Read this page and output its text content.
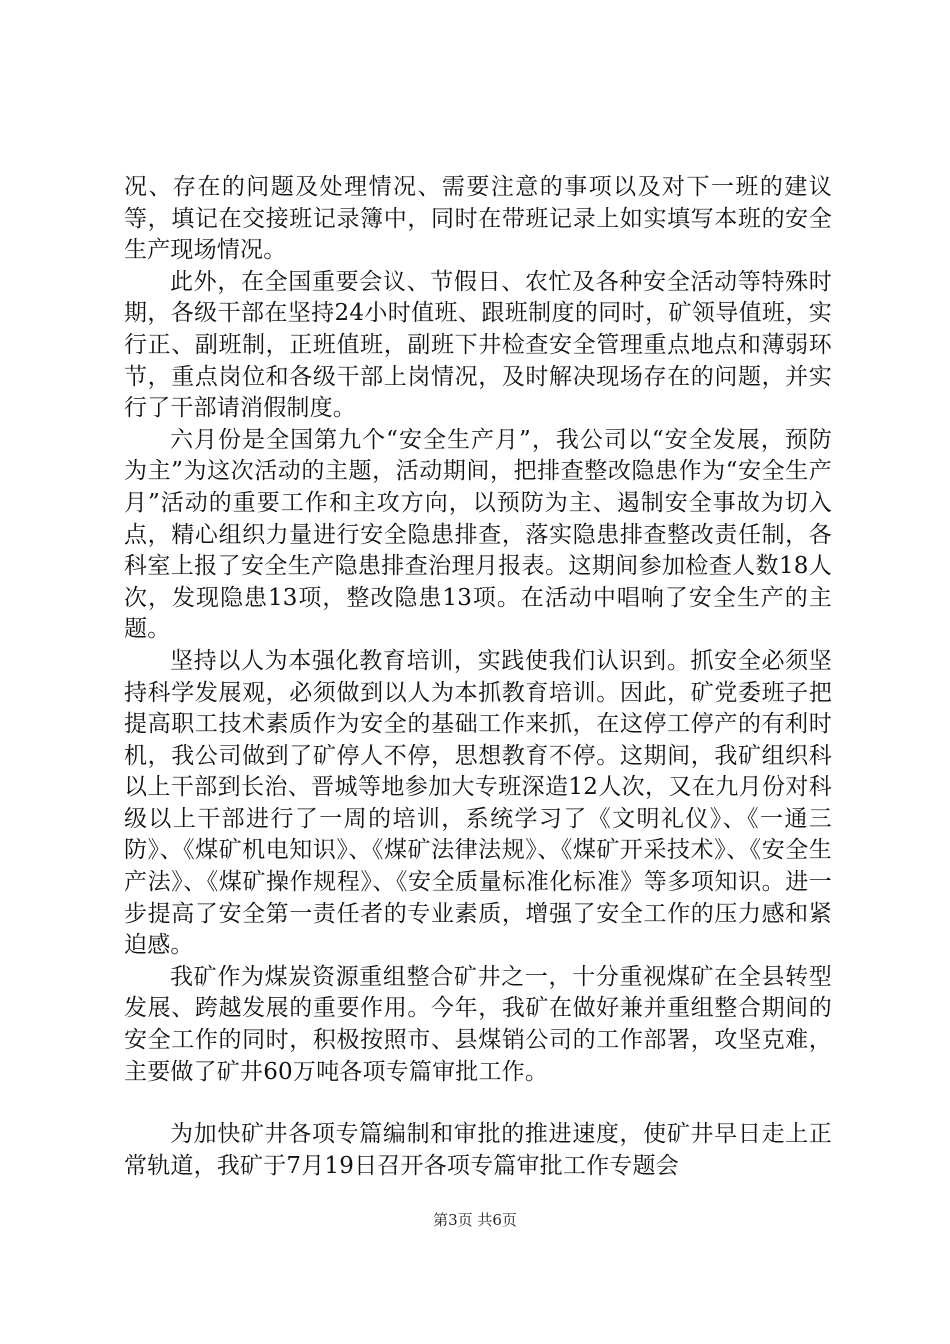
况、存在的问题及处理情况、需要注意的事项以及对下一班的建议等，填记在交接班记录簿中，同时在带班记录上如实填写本班的安全生产现场情况。

此外，在全国重要会议、节假日、农忙及各种安全活动等特殊时期，各级干部在坚持24小时值班、跟班制度的同时，矿领导值班，实行正、副班制，正班值班，副班下井检查安全管理重点地点和薄弱环节，重点岗位和各级干部上岗情况，及时解决现场存在的问题，并实行了干部请消假制度。

六月份是全国第九个“安全生产月”，我公司以“安全发展，预防为主”为这次活动的主题，活动期间，把排查整改隐患作为“安全生产月”活动的重要工作和主攻方向，以预防为主、遏制安全事故为切入点，精心组织力量进行安全隐患排查，落实隐患排查整改责任制，各科室上报了安全生产隐患排查治理月报表。这期间参加检查人数18人次，发现隐患13项，整改隐患13项。在活动中唱响了安全生产的主题。

坚持以人为本强化教育培训，实践使我们认识到。抓安全必须坚持科学发展观，必须做到以人为本抓教育培训。因此，矿党委班子把提高职工技术素质作为安全的基础工作来抓，在这停工停产的有利时机，我公司做到了矿停人不停，思想教育不停。这期间，我矿组织科以上干部到长治、晋城等地参加大专班深造12人次，又在九月份对科级以上干部进行了一周的培训，系统学习了《文明礼仪》、《一通三防》、《煤矿机电知识》、《煤矿法律法规》、《煤矿开采技术》、《安全生产法》、《煤矿操作规程》、《安全质量标准化标准》等多项知识。进一步提高了安全第一责任者的专业素质，增强了安全工作的压力感和紧迫感。

我矿作为煤炭资源重组整合矿井之一，十分重视煤矿在全县转型发展、跨越发展的重要作用。今年，我矿在做好兼并重组整合期间的安全工作的同时，积极按照市、县煤销公司的工作部署，攻坚克难，主要做了矿井60万吨各项专篇审批工作。

为加快矿井各项专篇编制和审批的推进速度，使矿井早日走上正常轨道，我矿于7月19日召开各项专篇审批工作专题会

第3页 共6页
